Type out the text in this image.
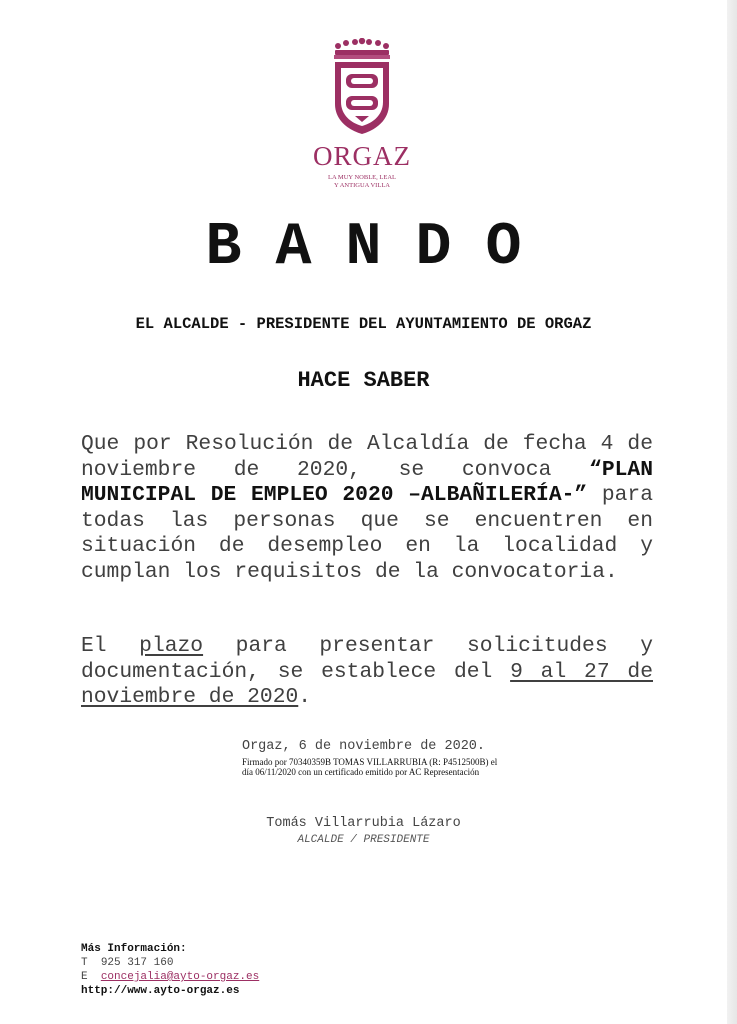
ORGAZ
LA MUY NOBLE, LEAL
Y ANTIGUA VILLA
BANDO
EL ALCALDE - PRESIDENTE DEL AYUNTAMIENTO DE ORGAZ
HACE SABER
Que por Resolución de Alcaldía de fecha 4 de noviembre de 2020, se convoca “PLAN MUNICIPAL DE EMPLEO 2020 –ALBAÑILERÍA-” para todas las personas que se encuentren en situación de desempleo en la localidad y cumplan los requisitos de la convocatoria.
El plazo para presentar solicitudes y documentación, se establece del 9 al 27 de noviembre de 2020.
Orgaz, 6 de noviembre de 2020.
Firmado por 70340359B TOMAS VILLARRUBIA (R: P4512500B) el
día 06/11/2020 con un certificado emitido por AC Representación
Tomás Villarrubia Lázaro
ALCALDE / PRESIDENTE
Más Información:
T 925 317 160
E concejalia@ayto-orgaz.es
http://www.ayto-orgaz.es
